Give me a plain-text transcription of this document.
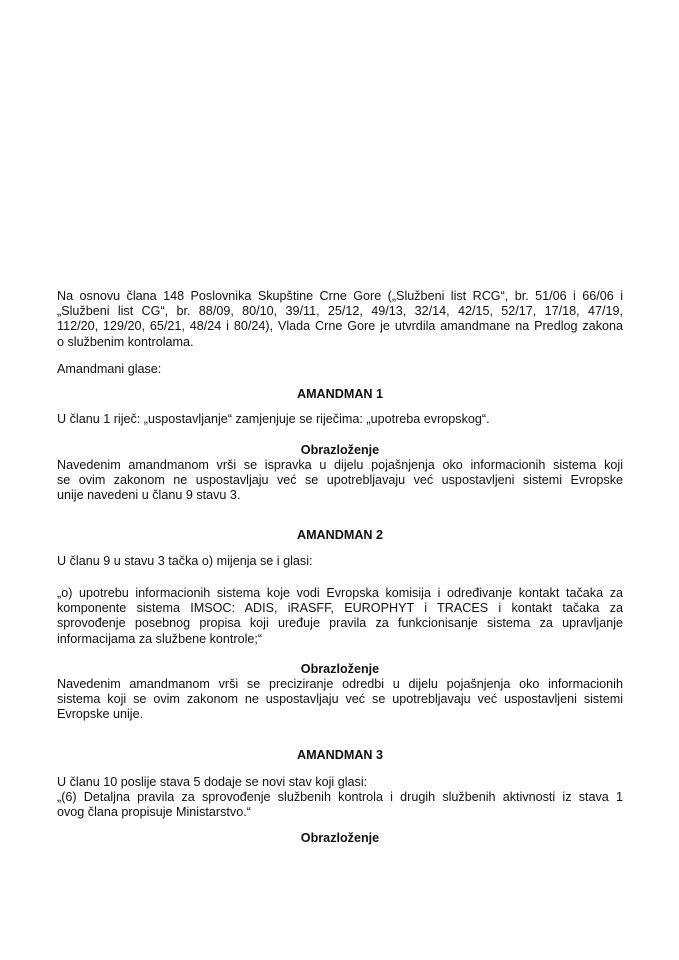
Na osnovu člana 148 Poslovnika Skupštine Crne Gore („Službeni list RCG“, br. 51/06 i 66/06 i
„Službeni list CG“, br. 88/09, 80/10, 39/11, 25/12, 49/13, 32/14, 42/15, 52/17, 17/18, 47/19,
112/20, 129/20, 65/21, 48/24 i 80/24), Vlada Crne Gore je utvrdila amandmane na Predlog zakona
o službenim kontrolama.
Amandmani glase:
AMANDMAN 1
U članu 1 riječ: „uspostavljanje“ zamjenjuje se riječima: „upotreba evropskog“.
Obrazloženje
Navedenim amandmanom vrši se ispravka u dijelu pojašnjenja oko informacionih sistema koji
se ovim zakonom ne uspostavljaju već se upotrebljavaju već uspostavljeni sistemi Evropske
unije navedeni u članu 9 stavu 3.
AMANDMAN 2
U članu 9 u stavu 3 tačka o) mijenja se i glasi:
„o) upotrebu informacionih sistema koje vodi Evropska komisija i određivanje kontakt tačaka za
komponente sistema IMSOC: ADIS, iRASFF, EUROPHYT i TRACES i kontakt tačaka za
sprovođenje posebnog propisa koji uređuje pravila za funkcionisanje sistema za upravljanje
informacijama za službene kontrole;“
Obrazloženje
Navedenim amandmanom vrši se preciziranje odredbi u dijelu pojašnjenja oko informacionih
sistema koji se ovim zakonom ne uspostavljaju već se upotrebljavaju već uspostavljeni sistemi
Evropske unije.
AMANDMAN 3
U članu 10 poslije stava 5 dodaje se novi stav koji glasi:
„(6) Detaljna pravila za sprovođenje službenih kontrola i drugih službenih aktivnosti iz stava 1
ovog člana propisuje Ministarstvo.“
Obrazloženje
